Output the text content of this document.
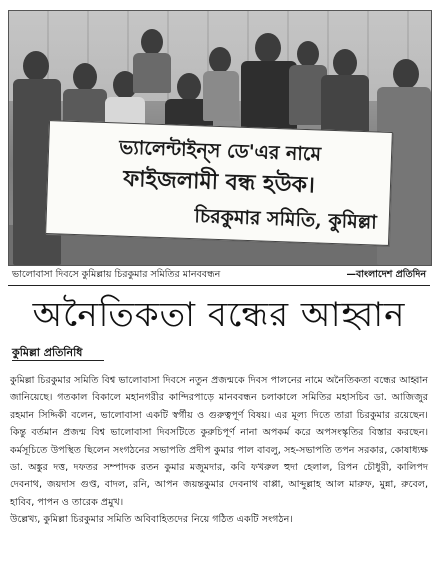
ভ্যালেন্টাইন্‌স ডে'এর নামে
ফাইজলামী বন্ধ হউক।
চিরকুমার সমিতি, কুমিল্লা
ভালোবাসা দিবসে কুমিল্লায় চিরকুমার সমিতির মানববন্ধন	—বাংলাদেশ প্রতিদিন
অনৈতিকতা বন্ধের আহ্বান
কুমিল্লা প্রতিনিধি

কুমিল্লা চিরকুমার সমিতি বিশ্ব ভালোবাসা দিবসে নতুন প্রজন্মকে দিবস পালনের নামে অনৈতিকতা বন্ধের আহ্বান জানিয়েছে। গতকাল বিকালে মহানগরীর কান্দিরপাড়ে মানববন্ধন চলাকালে সমিতির মহাসচিব ডা. আজিজুর রহমান সিদ্দিকী বলেন, ভালোবাসা একটি স্বর্গীয় ও গুরুত্বপূর্ণ বিষয়। এর মূল্য দিতে তারা চিরকুমার রয়েছেন। কিন্তু বর্তমান প্রজন্ম বিশ্ব ভালোবাসা দিবসটিতে কুরুচিপূর্ণ নানা অপকর্ম করে অপসংস্কৃতির বিস্তার করছেন। কর্মসূচিতে উপস্থিত ছিলেন সংগঠনের সভাপতি প্রদীপ কুমার পাল বাবলু, সহ-সভাপতি তপন সরকার, কোষাধ্যক্ষ ডা. অঙ্কুর দত্ত, দফতর সম্পাদক রতন কুমার মজুমদার, কবি ফখরুল হুদা হেলাল, রিপন চৌধুরী, কালিপদ দেবনাথ, জয়দাস গুপ্ত, বাদল, রনি, আপন জয়ন্তকুমার দেবনাথ বাপ্পা, আব্দুল্লাহ আল মারুফ, মুন্না, রুবেল, হাবিব, পাপন ও তারেক প্রমুখ।

উল্লেখ্য, কুমিল্লা চিরকুমার সমিতি অবিবাহিতদের নিয়ে গঠিত একটি সংগঠন।
